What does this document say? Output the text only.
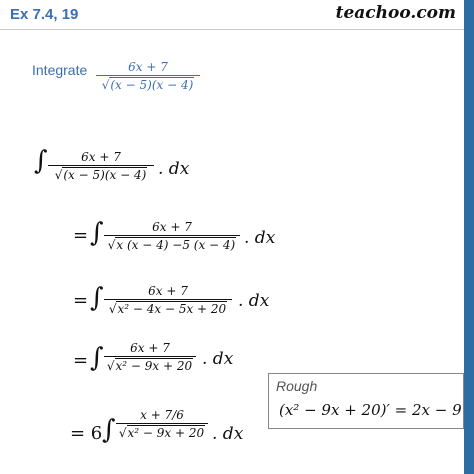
Ex 7.4, 19	teachoo.com
Integrate	6x + 7
√(x − 5)(x − 4)
∫	6x + 7
√(x − 5)(x − 4) . dx
= ∫	6x + 7
√x (x − 4) −5 (x − 4) . dx
= ∫	6x + 7
√x² − 4x − 5x + 20 . dx
= ∫	6x + 7
√x² − 9x + 20 . dx
= 6 ∫	x + 7/6
√x² − 9x + 20 . dx
Rough
(x² − 9x + 20)′ = 2x − 9
